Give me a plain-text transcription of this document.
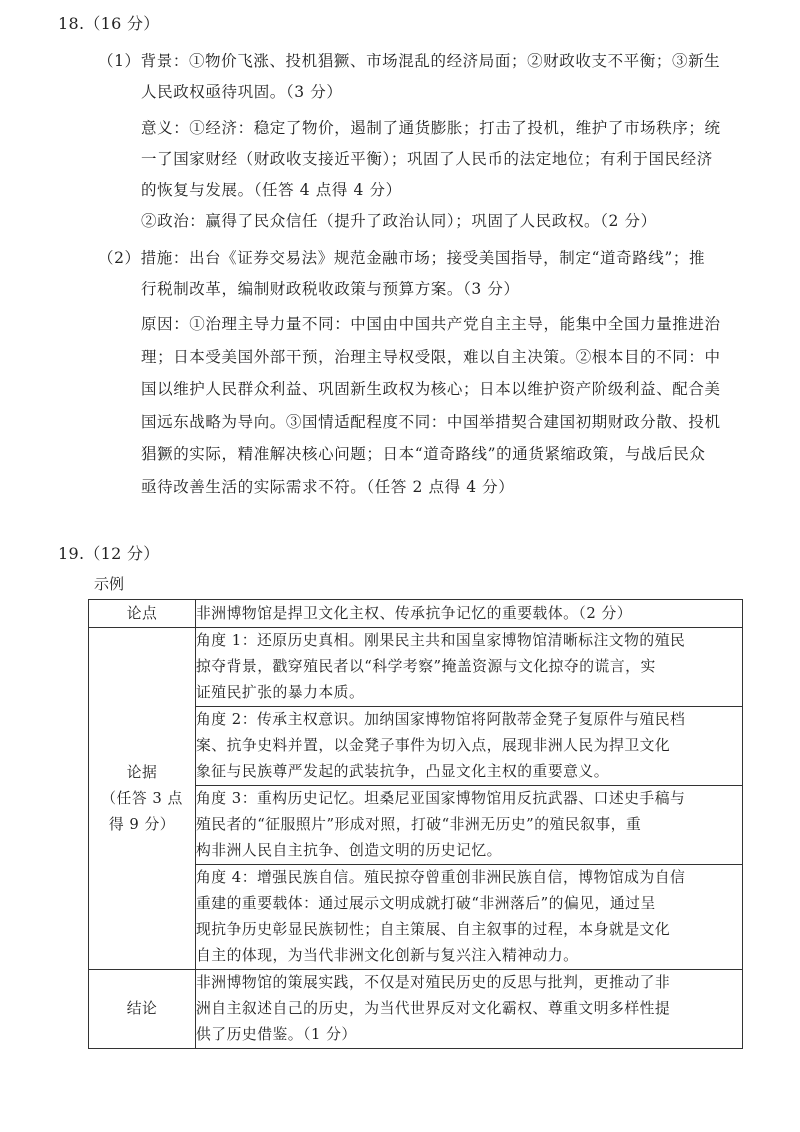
18.（16 分）
（1）背景：①物价飞涨、投机猖獗、市场混乱的经济局面；②财政收支不平衡；③新生
人民政权亟待巩固。（3 分）
意义：①经济：稳定了物价，遏制了通货膨胀；打击了投机，维护了市场秩序；统
一了国家财经（财政收支接近平衡）；巩固了人民币的法定地位；有利于国民经济
的恢复与发展。（任答 4 点得 4 分）
②政治：赢得了民众信任（提升了政治认同）；巩固了人民政权。（2 分）
（2）措施：出台《证券交易法》规范金融市场；接受美国指导，制定“道奇路线”；推
行税制改革，编制财政税收政策与预算方案。（3 分）
原因：①治理主导力量不同：中国由中国共产党自主主导，能集中全国力量推进治
理；日本受美国外部干预，治理主导权受限，难以自主决策。②根本目的不同：中
国以维护人民群众利益、巩固新生政权为核心；日本以维护资产阶级利益、配合美
国远东战略为导向。③国情适配程度不同：中国举措契合建国初期财政分散、投机
猖獗的实际，精准解决核心问题；日本“道奇路线”的通货紧缩政策，与战后民众
亟待改善生活的实际需求不符。（任答 2 点得 4 分）
19.（12 分）
示例
论点	非洲博物馆是捍卫文化主权、传承抗争记忆的重要载体。（2 分）

论据
（任答 3 点
得 9 分）	角度 1：还原历史真相。刚果民主共和国皇家博物馆清晰标注文物的殖民
掠夺背景，戳穿殖民者以“科学考察”掩盖资源与文化掠夺的谎言，实
证殖民扩张的暴力本质。

	角度 2：传承主权意识。加纳国家博物馆将阿散蒂金凳子复原件与殖民档
案、抗争史料并置，以金凳子事件为切入点，展现非洲人民为捍卫文化
象征与民族尊严发起的武装抗争，凸显文化主权的重要意义。

	角度 3：重构历史记忆。坦桑尼亚国家博物馆用反抗武器、口述史手稿与
殖民者的“征服照片”形成对照，打破“非洲无历史”的殖民叙事，重
构非洲人民自主抗争、创造文明的历史记忆。

	角度 4：增强民族自信。殖民掠夺曾重创非洲民族自信，博物馆成为自信
重建的重要载体：通过展示文明成就打破“非洲落后”的偏见，通过呈
现抗争历史彰显民族韧性；自主策展、自主叙事的过程，本身就是文化
自主的体现，为当代非洲文化创新与复兴注入精神动力。

结论	非洲博物馆的策展实践，不仅是对殖民历史的反思与批判，更推动了非
洲自主叙述自己的历史，为当代世界反对文化霸权、尊重文明多样性提
供了历史借鉴。（1 分）
